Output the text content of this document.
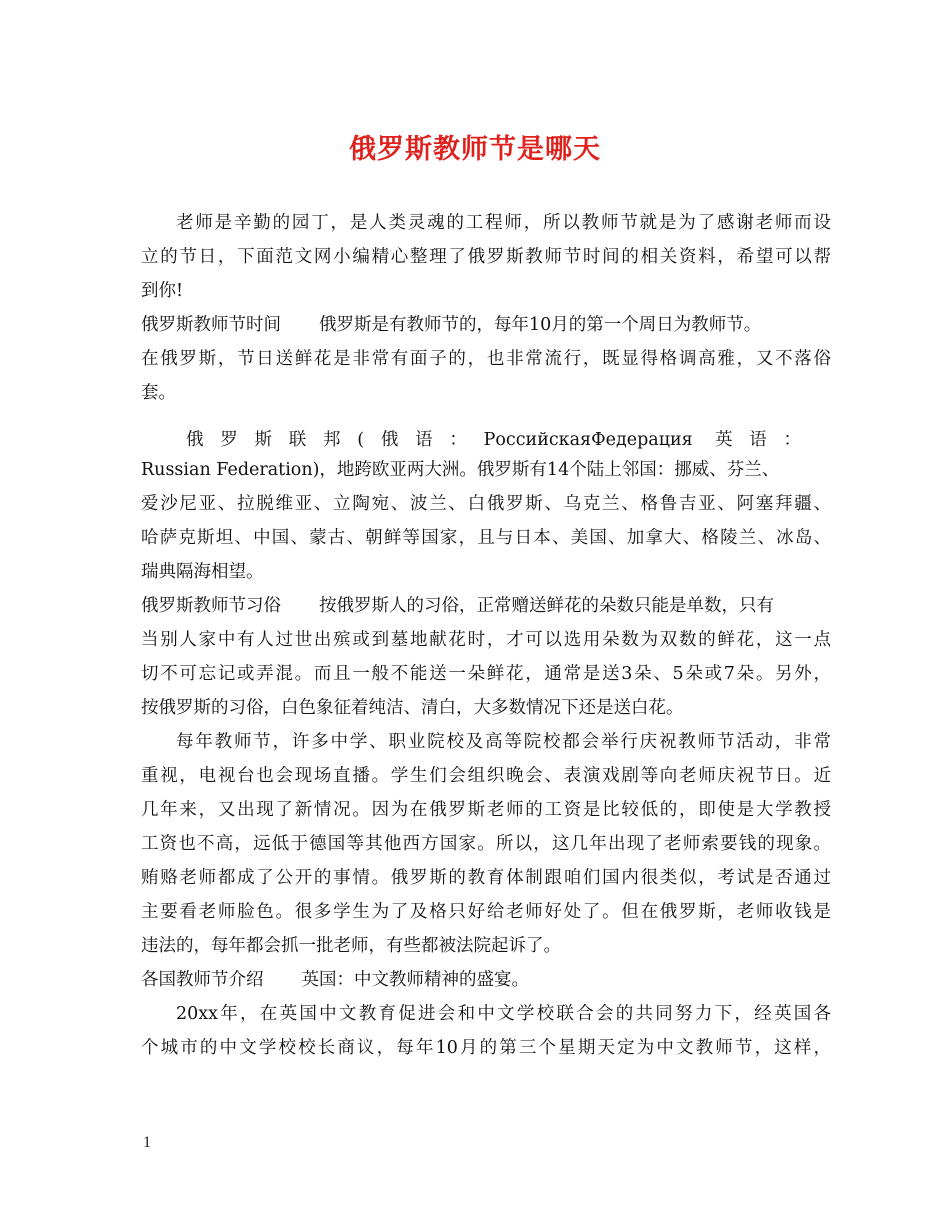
俄罗斯教师节是哪天
老师是辛勤的园丁，是人类灵魂的工程师，所以教师节就是为了感谢老师而设
立的节日，下面范文网小编精心整理了俄罗斯教师节时间的相关资料，希望可以帮
到你!
俄罗斯教师节时间 俄罗斯是有教师节的，每年10月的第一个周日为教师节。
在俄罗斯，节日送鲜花是非常有面子的，也非常流行，既显得格调高雅，又不落俗
套。
俄罗斯联邦(俄语：РоссийскаяФедерация 英语：
Russian Federation)，地跨欧亚两大洲。俄罗斯有14个陆上邻国：挪威、芬兰、
爱沙尼亚、拉脱维亚、立陶宛、波兰、白俄罗斯、乌克兰、格鲁吉亚、阿塞拜疆、
哈萨克斯坦、中国、蒙古、朝鲜等国家，且与日本、美国、加拿大、格陵兰、冰岛、
瑞典隔海相望。
俄罗斯教师节习俗 按俄罗斯人的习俗，正常赠送鲜花的朵数只能是单数，只有
当别人家中有人过世出殡或到墓地献花时，才可以选用朵数为双数的鲜花，这一点
切不可忘记或弄混。而且一般不能送一朵鲜花，通常是送3朵、5朵或7朵。另外，
按俄罗斯的习俗，白色象征着纯洁、清白，大多数情况下还是送白花。
每年教师节，许多中学、职业院校及高等院校都会举行庆祝教师节活动，非常
重视，电视台也会现场直播。学生们会组织晚会、表演戏剧等向老师庆祝节日。近
几年来，又出现了新情况。因为在俄罗斯老师的工资是比较低的，即使是大学教授
工资也不高，远低于德国等其他西方国家。所以，这几年出现了老师索要钱的现象。
贿赂老师都成了公开的事情。俄罗斯的教育体制跟咱们国内很类似，考试是否通过
主要看老师脸色。很多学生为了及格只好给老师好处了。但在俄罗斯，老师收钱是
违法的，每年都会抓一批老师，有些都被法院起诉了。
各国教师节介绍 英国：中文教师精神的盛宴。
20xx年，在英国中文教育促进会和中文学校联合会的共同努力下，经英国各
个城市的中文学校校长商议，每年10月的第三个星期天定为中文教师节，这样，
1
